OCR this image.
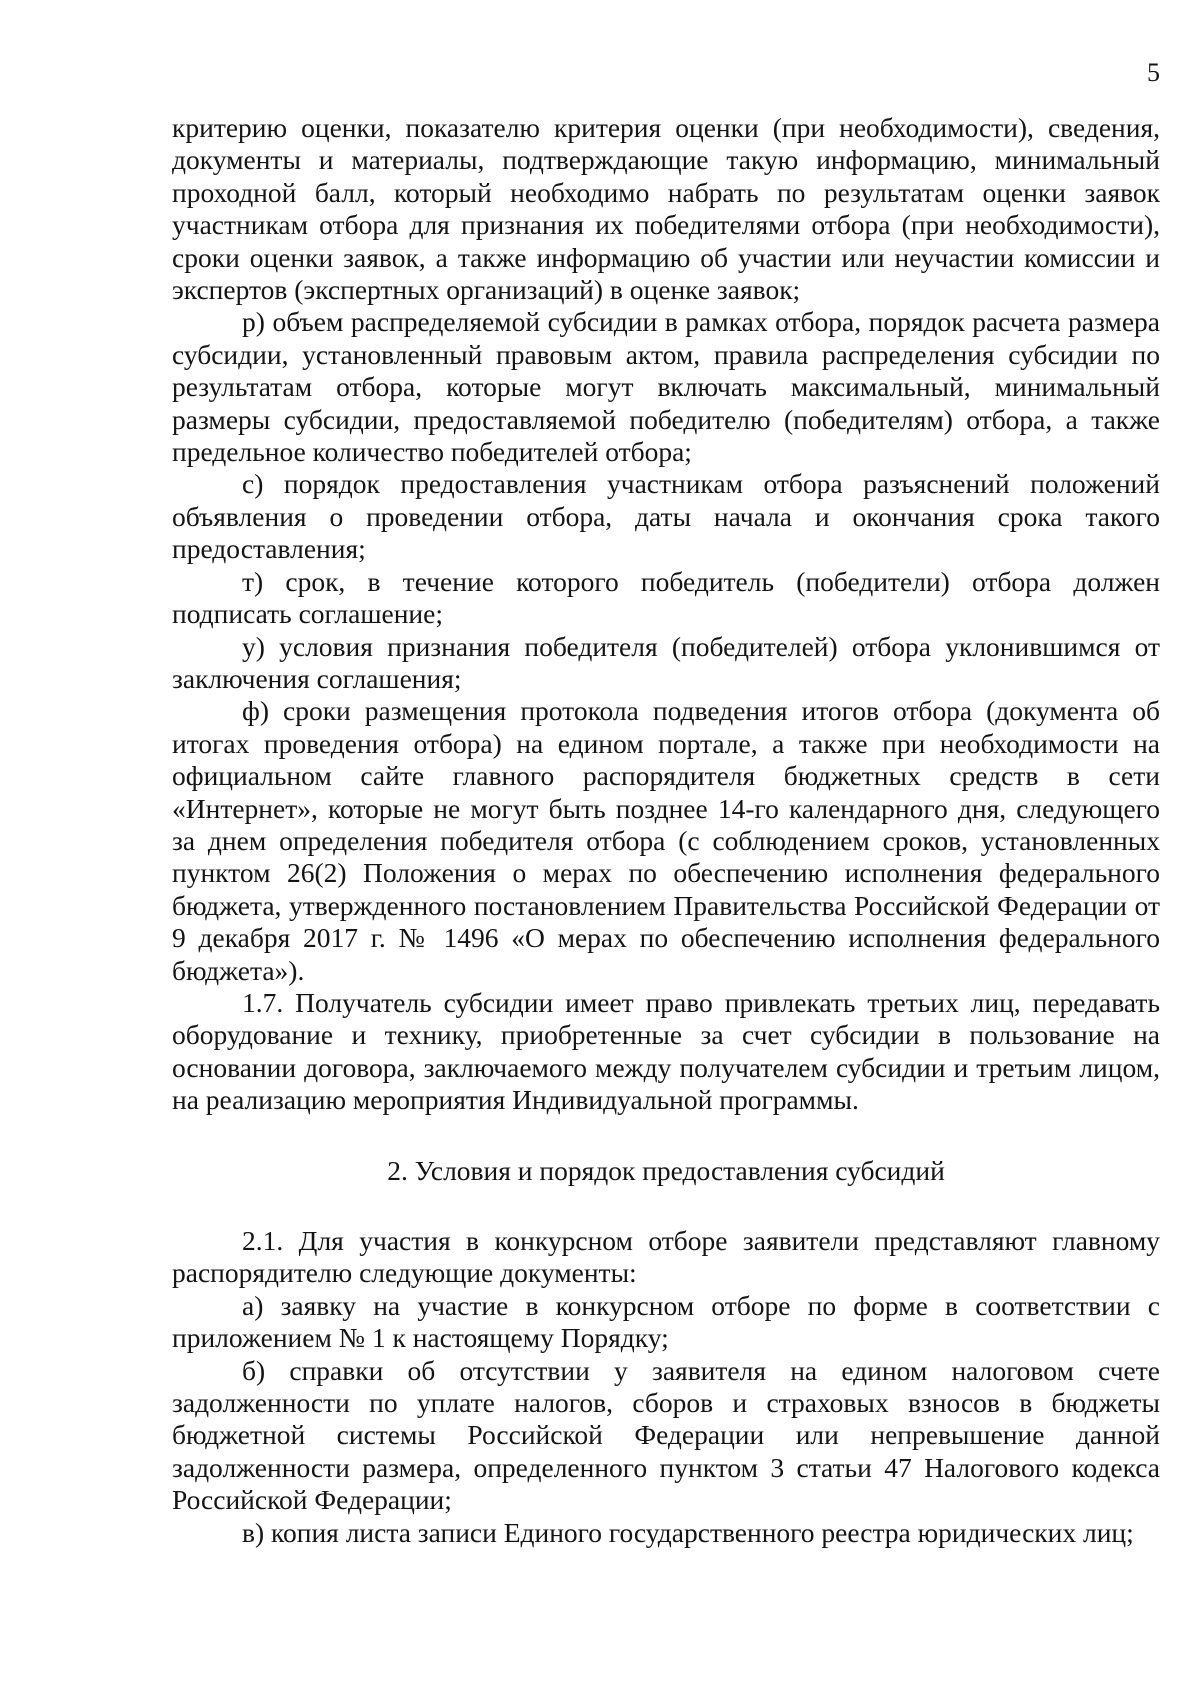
5

критерию оценки, показателю критерия оценки (при необходимости), сведения, документы и материалы, подтверждающие такую информацию, минимальный проходной балл, который необходимо набрать по результатам оценки заявок участникам отбора для признания их победителями отбора (при необходимости), сроки оценки заявок, а также информацию об участии или неучастии комиссии и экспертов (экспертных организаций) в оценке заявок;

р) объем распределяемой субсидии в рамках отбора, порядок расчета размера субсидии, установленный правовым актом, правила распределения субсидии по результатам отбора, которые могут включать максимальный, минимальный размеры субсидии, предоставляемой победителю (победителям) отбора, а также предельное количество победителей отбора;

с) порядок предоставления участникам отбора разъяснений положений объявления о проведении отбора, даты начала и окончания срока такого предоставления;

т) срок, в течение которого победитель (победители) отбора должен подписать соглашение;

у) условия признания победителя (победителей) отбора уклонившимся от заключения соглашения;

ф) сроки размещения протокола подведения итогов отбора (документа об итогах проведения отбора) на едином портале, а также при необходимости на официальном сайте главного распорядителя бюджетных средств в сети «Интернет», которые не могут быть позднее 14-го календарного дня, следующего за днем определения победителя отбора (с соблюдением сроков, установленных пунктом 26(2) Положения о мерах по обеспечению исполнения федерального бюджета, утвержденного постановлением Правительства Российской Федерации от 9 декабря 2017 г. № 1496 «О мерах по обеспечению исполнения федерального бюджета»).

1.7. Получатель субсидии имеет право привлекать третьих лиц, передавать оборудование и технику, приобретенные за счет субсидии в пользование на основании договора, заключаемого между получателем субсидии и третьим лицом, на реализацию мероприятия Индивидуальной программы.

2. Условия и порядок предоставления субсидий

2.1. Для участия в конкурсном отборе заявители представляют главному распорядителю следующие документы:

а) заявку на участие в конкурсном отборе по форме в соответствии с приложением № 1 к настоящему Порядку;

б) справки об отсутствии у заявителя на едином налоговом счете задолженности по уплате налогов, сборов и страховых взносов в бюджеты бюджетной системы Российской Федерации или непревышение данной задолженности размера, определенного пунктом 3 статьи 47 Налогового кодекса Российской Федерации;

в) копия листа записи Единого государственного реестра юридических лиц;
